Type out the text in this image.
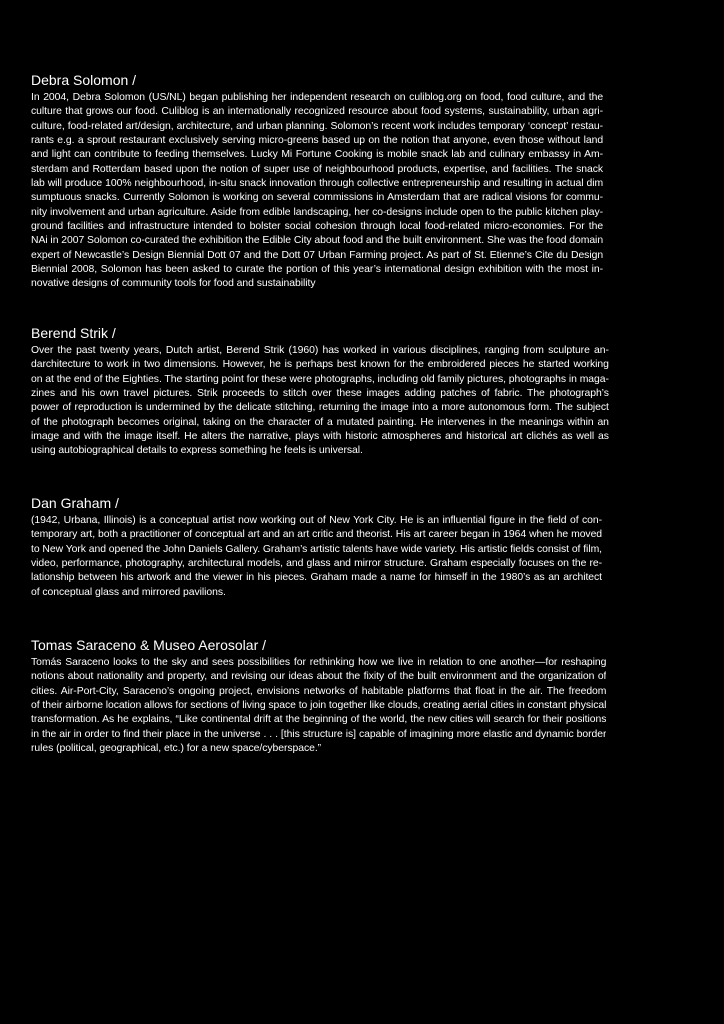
Debra Solomon /

In 2004, Debra Solomon (US/NL) began publishing her independent research on culiblog.org on food, food culture, and the
culture that grows our food. Culiblog is an internationally recognized resource about food systems, sustainability, urban agri-
culture, food-related art/design, architecture, and urban planning. Solomon’s recent work includes temporary ‘concept’ restau-
rants e.g. a sprout restaurant exclusively serving micro-greens based up on the notion that anyone, even those without land
and light can contribute to feeding themselves. Lucky Mi Fortune Cooking is mobile snack lab and culinary embassy in Am-
sterdam and Rotterdam based upon the notion of super use of neighbourhood products, expertise, and facilities. The snack
lab will produce 100% neighbourhood, in-situ snack innovation through collective entrepreneurship and resulting in actual dim
sumptuous snacks. Currently Solomon is working on several commissions in Amsterdam that are radical visions for commu-
nity involvement and urban agriculture. Aside from edible landscaping, her co-designs include open to the public kitchen play-
ground facilities and infrastructure intended to bolster social cohesion through local food-related micro-economies. For the
NAi in 2007 Solomon co-curated the exhibition the Edible City about food and the built environment. She was the food domain
expert of Newcastle’s Design Biennial Dott 07 and the Dott 07 Urban Farming project. As part of St. Etienne’s Cite du Design
Biennial 2008, Solomon has been asked to curate the portion of this year’s international design exhibition with the most in-
novative designs of community tools for food and sustainability

Berend Strik /

Over the past twenty years, Dutch artist, Berend Strik (1960) has worked in various disciplines, ranging from sculpture an-
darchitecture to work in two dimensions. However, he is perhaps best known for the embroidered pieces he started working
on at the end of the Eighties. The starting point for these were photographs, including old family pictures, photographs in maga-
zines and his own travel pictures. Strik proceeds to stitch over these images adding patches of fabric. The photograph’s
power of reproduction is undermined by the delicate stitching, returning the image into a more autonomous form. The subject
of the photograph becomes original, taking on the character of a mutated painting. He intervenes in the meanings within an
image and with the image itself. He alters the narrative, plays with historic atmospheres and historical art clichés as well as
using autobiographical details to express something he feels is universal.

Dan Graham /

(1942, Urbana, Illinois) is a conceptual artist now working out of New York City. He is an influential figure in the field of con-
temporary art, both a practitioner of conceptual art and an art critic and theorist. His art career began in 1964 when he moved
to New York and opened the John Daniels Gallery. Graham’s artistic talents have wide variety. His artistic fields consist of film,
video, performance, photography, architectural models, and glass and mirror structure. Graham especially focuses on the re-
lationship between his artwork and the viewer in his pieces. Graham made a name for himself in the 1980’s as an architect
of conceptual glass and mirrored pavilions.

Tomas Saraceno & Museo Aerosolar /

Tomás Saraceno looks to the sky and sees possibilities for rethinking how we live in relation to one another—for reshaping
notions about nationality and property, and revising our ideas about the fixity of the built environment and the organization of
cities. Air-Port-City, Saraceno’s ongoing project, envisions networks of habitable platforms that float in the air. The freedom
of their airborne location allows for sections of living space to join together like clouds, creating aerial cities in constant physical
transformation. As he explains, “Like continental drift at the beginning of the world, the new cities will search for their positions
in the air in order to find their place in the universe . . . [this structure is] capable of imagining more elastic and dynamic border
rules (political, geographical, etc.) for a new space/cyberspace.”
